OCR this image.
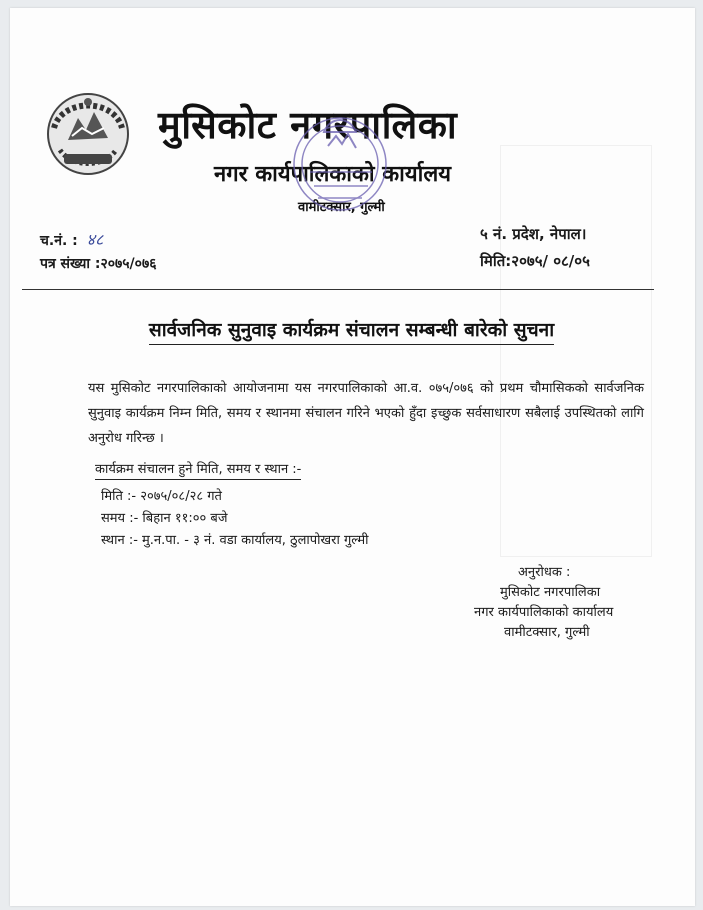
मुसिकोट नगरपालिका
नगर कार्यपालिकाको कार्यालय
वामीटक्सार, गुल्मी
च.नं. : ४८
पत्र संख्या :२०७५/०७६
५ नं. प्रदेश, नेपाल।
मिति:२०७५/ ०८/०५
सार्वजनिक सुनुवाइ कार्यक्रम संचालन सम्बन्धी बारेको सुचना
यस मुसिकोट नगरपालिकाको आयोजनामा यस नगरपालिकाको आ.व. ०७५/०७६ को प्रथम चौमासिकको सार्वजनिक सुनुवाइ कार्यक्रम निम्न मिति, समय र स्थानमा संचालन गरिने भएको हुँदा इच्छुक सर्वसाधारण सबैलाई उपस्थितको लागि अनुरोध गरिन्छ ।
कार्यक्रम संचालन हुने मिति, समय र स्थान :-
मिति :- २०७५/०८/२८ गते
समय :- बिहान ११:०० बजे
स्थान :- मु.न.पा. - ३ नं. वडा कार्यालय, ठुलापोखरा गुल्मी
अनुरोधक :
मुसिकोट नगरपालिका
नगर कार्यपालिकाको कार्यालय
वामीटक्सार, गुल्मी
